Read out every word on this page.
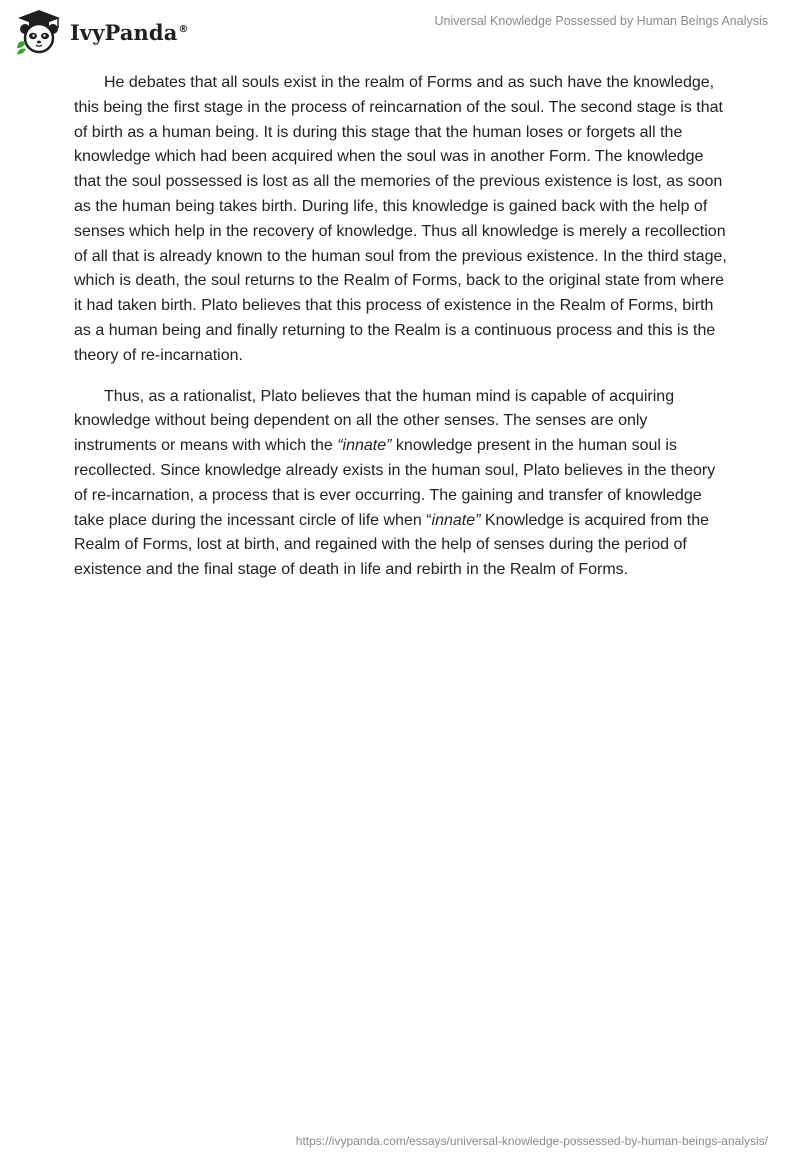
IvyPanda®
Universal Knowledge Possessed by Human Beings Analysis

He debates that all souls exist in the realm of Forms and as such have the knowledge, this being the first stage in the process of reincarnation of the soul. The second stage is that of birth as a human being. It is during this stage that the human loses or forgets all the knowledge which had been acquired when the soul was in another Form. The knowledge that the soul possessed is lost as all the memories of the previous existence is lost, as soon as the human being takes birth. During life, this knowledge is gained back with the help of senses which help in the recovery of knowledge. Thus all knowledge is merely a recollection of all that is already known to the human soul from the previous existence. In the third stage, which is death, the soul returns to the Realm of Forms, back to the original state from where it had taken birth. Plato believes that this process of existence in the Realm of Forms, birth as a human being and finally returning to the Realm is a continuous process and this is the theory of re-incarnation.

Thus, as a rationalist, Plato believes that the human mind is capable of acquiring knowledge without being dependent on all the other senses. The senses are only instruments or means with which the “innate” knowledge present in the human soul is recollected. Since knowledge already exists in the human soul, Plato believes in the theory of re-incarnation, a process that is ever occurring. The gaining and transfer of knowledge take place during the incessant circle of life when “innate” Knowledge is acquired from the Realm of Forms, lost at birth, and regained with the help of senses during the period of existence and the final stage of death in life and rebirth in the Realm of Forms.

https://ivypanda.com/essays/universal-knowledge-possessed-by-human-beings-analysis/
